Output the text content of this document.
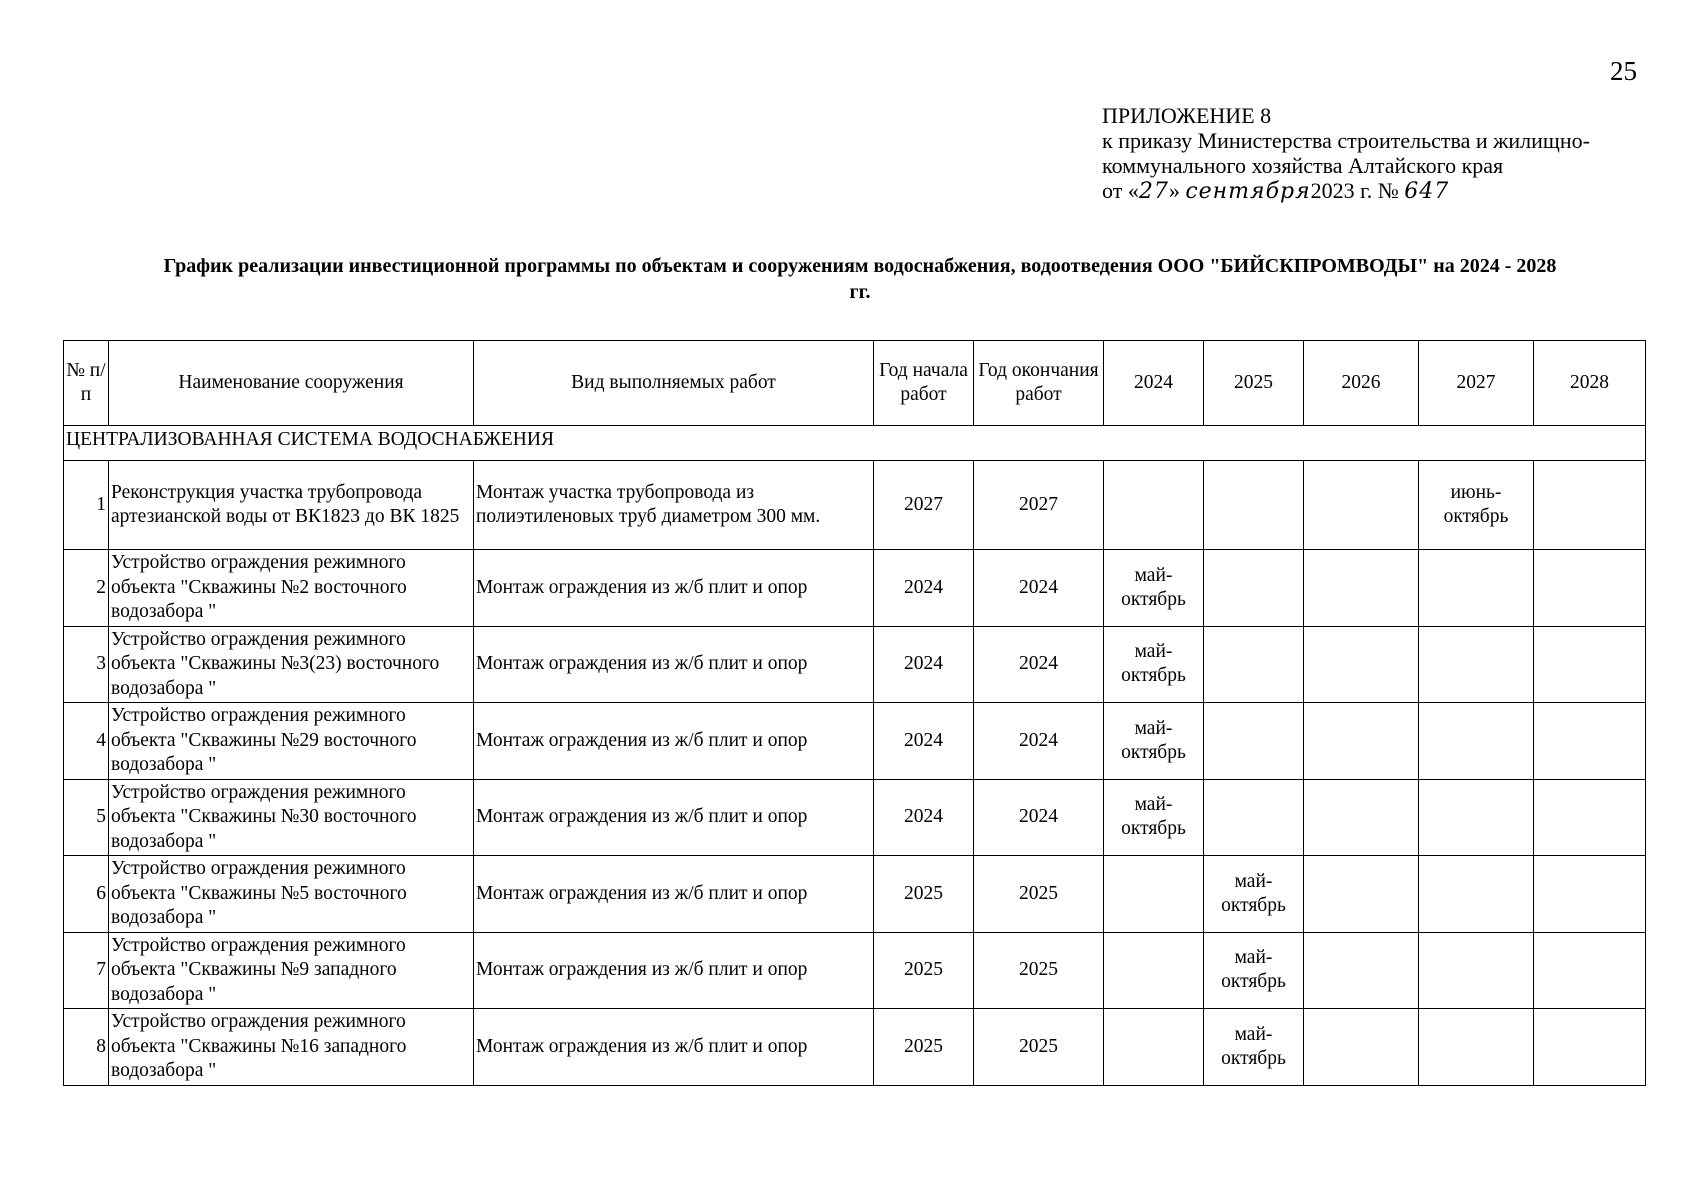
25
ПРИЛОЖЕНИЕ 8
к приказу Министерства строительства и жилищно-
коммунального хозяйства Алтайского края
от «27» сентября2023 г. № 647
График реализации инвестиционной программы по объектам и сооружениям водоснабжения, водоотведения ООО "БИЙСКПРОМВОДЫ" на 2024 - 2028
гг.
№ п/п	Наименование сооружения	Вид выполняемых работ	Год начала работ	Год окончания работ	2024	2025	2026	2027	2028
ЦЕНТРАЛИЗОВАННАЯ СИСТЕМА ВОДОСНАБЖЕНИЯ									

1	Реконструкция участка трубопровода артезианской воды от ВК1823 до ВК 1825	Монтаж участка трубопровода из полиэтиленовых труб диаметром 300 мм.	2027	2027				июнь-октябрь	
2	Устройство ограждения режимного объекта "Скважины №2 восточного водозабора "	Монтаж ограждения из ж/б плит и опор	2024	2024	май-октябрь				
3	Устройство ограждения режимного объекта "Скважины №3(23) восточного водозабора "	Монтаж ограждения из ж/б плит и опор	2024	2024	май-октябрь				
4	Устройство ограждения режимного объекта "Скважины №29 восточного водозабора "	Монтаж ограждения из ж/б плит и опор	2024	2024	май-октябрь				
5	Устройство ограждения режимного объекта "Скважины №30 восточного водозабора "	Монтаж ограждения из ж/б плит и опор	2024	2024	май-октябрь				
6	Устройство ограждения режимного объекта "Скважины №5 восточного водозабора "	Монтаж ограждения из ж/б плит и опор	2025	2025		май-октябрь			
7	Устройство ограждения режимного объекта "Скважины №9 западного водозабора "	Монтаж ограждения из ж/б плит и опор	2025	2025		май-октябрь			
8	Устройство ограждения режимного объекта "Скважины №16 западного водозабора "	Монтаж ограждения из ж/б плит и опор	2025	2025		май-октябрь			
